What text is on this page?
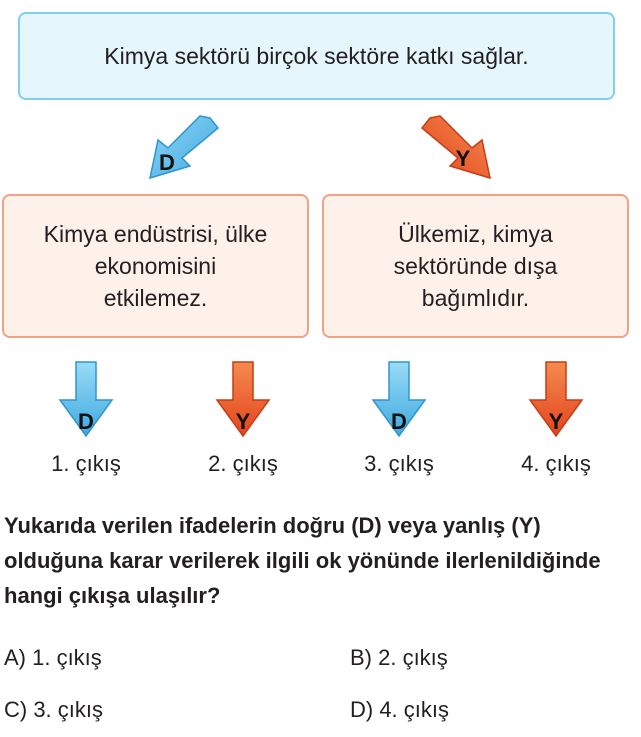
Kimya sektörü birçok sektöre katkı sağlar.
D	Y
Kimya endüstrisi, ülke
ekonomisini
etkilemez.
Ülkemiz, kimya
sektöründe dışa
bağımlıdır.
D	Y	D	Y
1. çıkış	2. çıkış	3. çıkış	4. çıkış
Yukarıda verilen ifadelerin doğru (D) veya yanlış (Y) olduğuna karar verilerek ilgili ok yönünde ilerlenildiğinde hangi çıkışa ulaşılır?
A) 1. çıkış	B) 2. çıkış
C) 3. çıkış	D) 4. çıkış
